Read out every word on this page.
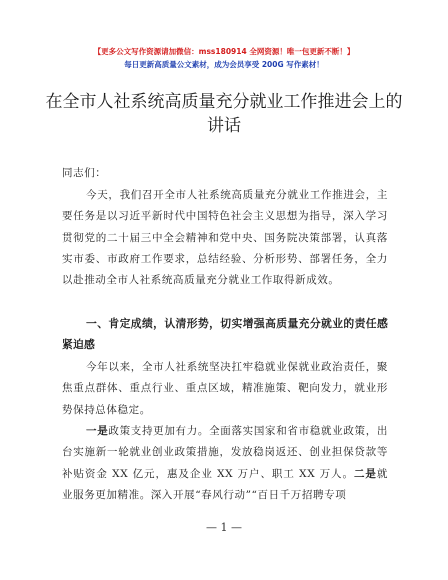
【更多公文写作资源请加微信：mss180914 全网资源！唯一包更新不断！】
每日更新高质量公文素材，成为会员享受 200G 写作素材！
在全市人社系统高质量充分就业工作推进会上的讲话
同志们：
今天，我们召开全市人社系统高质量充分就业工作推进会，主要任务是以习近平新时代中国特色社会主义思想为指导，深入学习贯彻党的二十届三中全会精神和党中央、国务院决策部署，认真落实市委、市政府工作要求，总结经验、分析形势、部署任务，全力以赴推动全市人社系统高质量充分就业工作取得新成效。
一、肯定成绩，认清形势，切实增强高质量充分就业的责任感紧迫感
今年以来，全市人社系统坚决扛牢稳就业保就业政治责任，聚焦重点群体、重点行业、重点区域，精准施策、靶向发力，就业形势保持总体稳定。
一是政策支持更加有力。全面落实国家和省市稳就业政策，出台实施新一轮就业创业政策措施，发放稳岗返还、创业担保贷款等补贴资金 XX 亿元，惠及企业 XX 万户、职工 XX 万人。二是就业服务更加精准。深入开展“春风行动”“百日千万招聘专项
— 1 —
